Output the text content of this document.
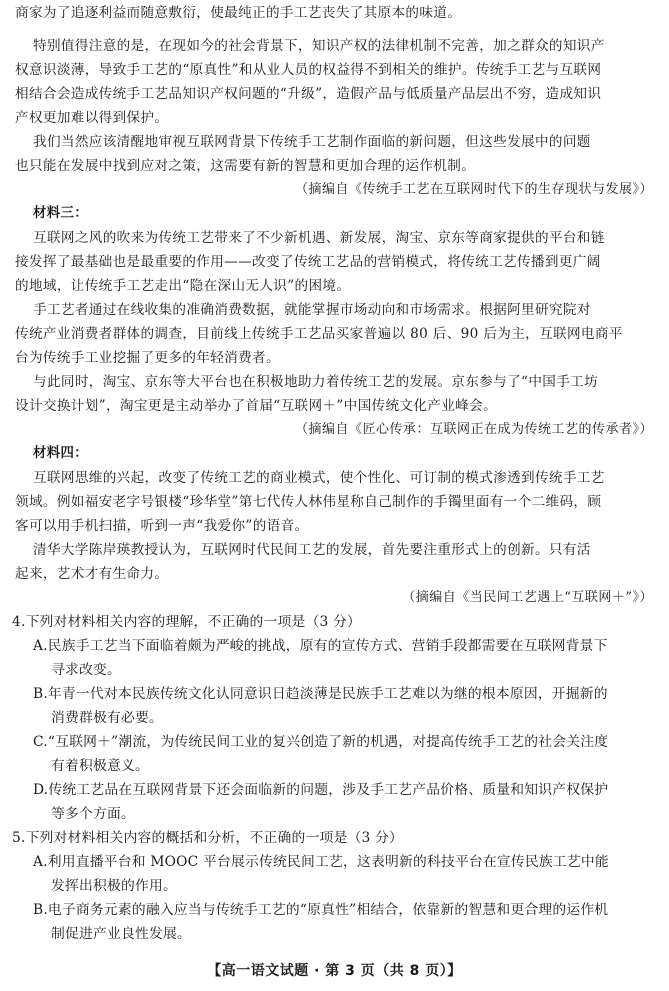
商家为了追逐利益而随意敷衍，使最纯正的手工艺丧失了其原本的味道。
特别值得注意的是，在现如今的社会背景下，知识产权的法律机制不完善，加之群众的知识产
权意识淡薄，导致手工艺的“原真性”和从业人员的权益得不到相关的维护。传统手工艺与互联网
相结合会造成传统手工艺品知识产权问题的“升级”，造假产品与低质量产品层出不穷，造成知识
产权更加难以得到保护。
我们当然应该清醒地审视互联网背景下传统手工艺制作面临的新问题，但这些发展中的问题
也只能在发展中找到应对之策，这需要有新的智慧和更加合理的运作机制。
（摘编自《传统手工艺在互联网时代下的生存现状与发展》）
材料三：
互联网之风的吹来为传统工艺带来了不少新机遇、新发展，淘宝、京东等商家提供的平台和链
接发挥了最基础也是最重要的作用——改变了传统工艺品的营销模式，将传统工艺传播到更广阔
的地域，让传统手工艺走出“隐在深山无人识”的困境。
手工艺者通过在线收集的准确消费数据，就能掌握市场动向和市场需求。根据阿里研究院对
传统产业消费者群体的调查，目前线上传统手工艺品买家普遍以 80 后、90 后为主，互联网电商平
台为传统手工业挖掘了更多的年轻消费者。
与此同时，淘宝、京东等大平台也在积极地助力着传统工艺的发展。京东参与了“中国手工坊
设计交换计划”，淘宝更是主动举办了首届“互联网＋”中国传统文化产业峰会。
（摘编自《匠心传承：互联网正在成为传统工艺的传承者》）
材料四：
互联网思维的兴起，改变了传统工艺的商业模式，使个性化、可订制的模式渗透到传统手工艺
领域。例如福安老字号银楼“珍华堂”第七代传人林伟星称自己制作的手镯里面有一个二维码，顾
客可以用手机扫描，听到一声“我爱你”的语音。
清华大学陈岸瑛教授认为，互联网时代民间工艺的发展，首先要注重形式上的创新。只有活
起来，艺术才有生命力。
（摘编自《当民间工艺遇上“互联网＋”》）
4.下列对材料相关内容的理解，不正确的一项是（3 分）
A.民族手工艺当下面临着颇为严峻的挑战，原有的宣传方式、营销手段都需要在互联网背景下
寻求改变。
B.年青一代对本民族传统文化认同意识日趋淡薄是民族手工艺难以为继的根本原因，开掘新的
消费群极有必要。
C.“互联网＋”潮流，为传统民间工业的复兴创造了新的机遇，对提高传统手工艺的社会关注度
有着积极意义。
D.传统工艺品在互联网背景下还会面临新的问题，涉及手工艺产品价格、质量和知识产权保护
等多个方面。
5.下列对材料相关内容的概括和分析，不正确的一项是（3 分）
A.利用直播平台和 MOOC 平台展示传统民间工艺，这表明新的科技平台在宣传民族工艺中能
发挥出积极的作用。
B.电子商务元素的融入应当与传统手工艺的“原真性”相结合，依靠新的智慧和更合理的运作机
制促进产业良性发展。
【高一语文试题 · 第 3 页（共 8 页）】
